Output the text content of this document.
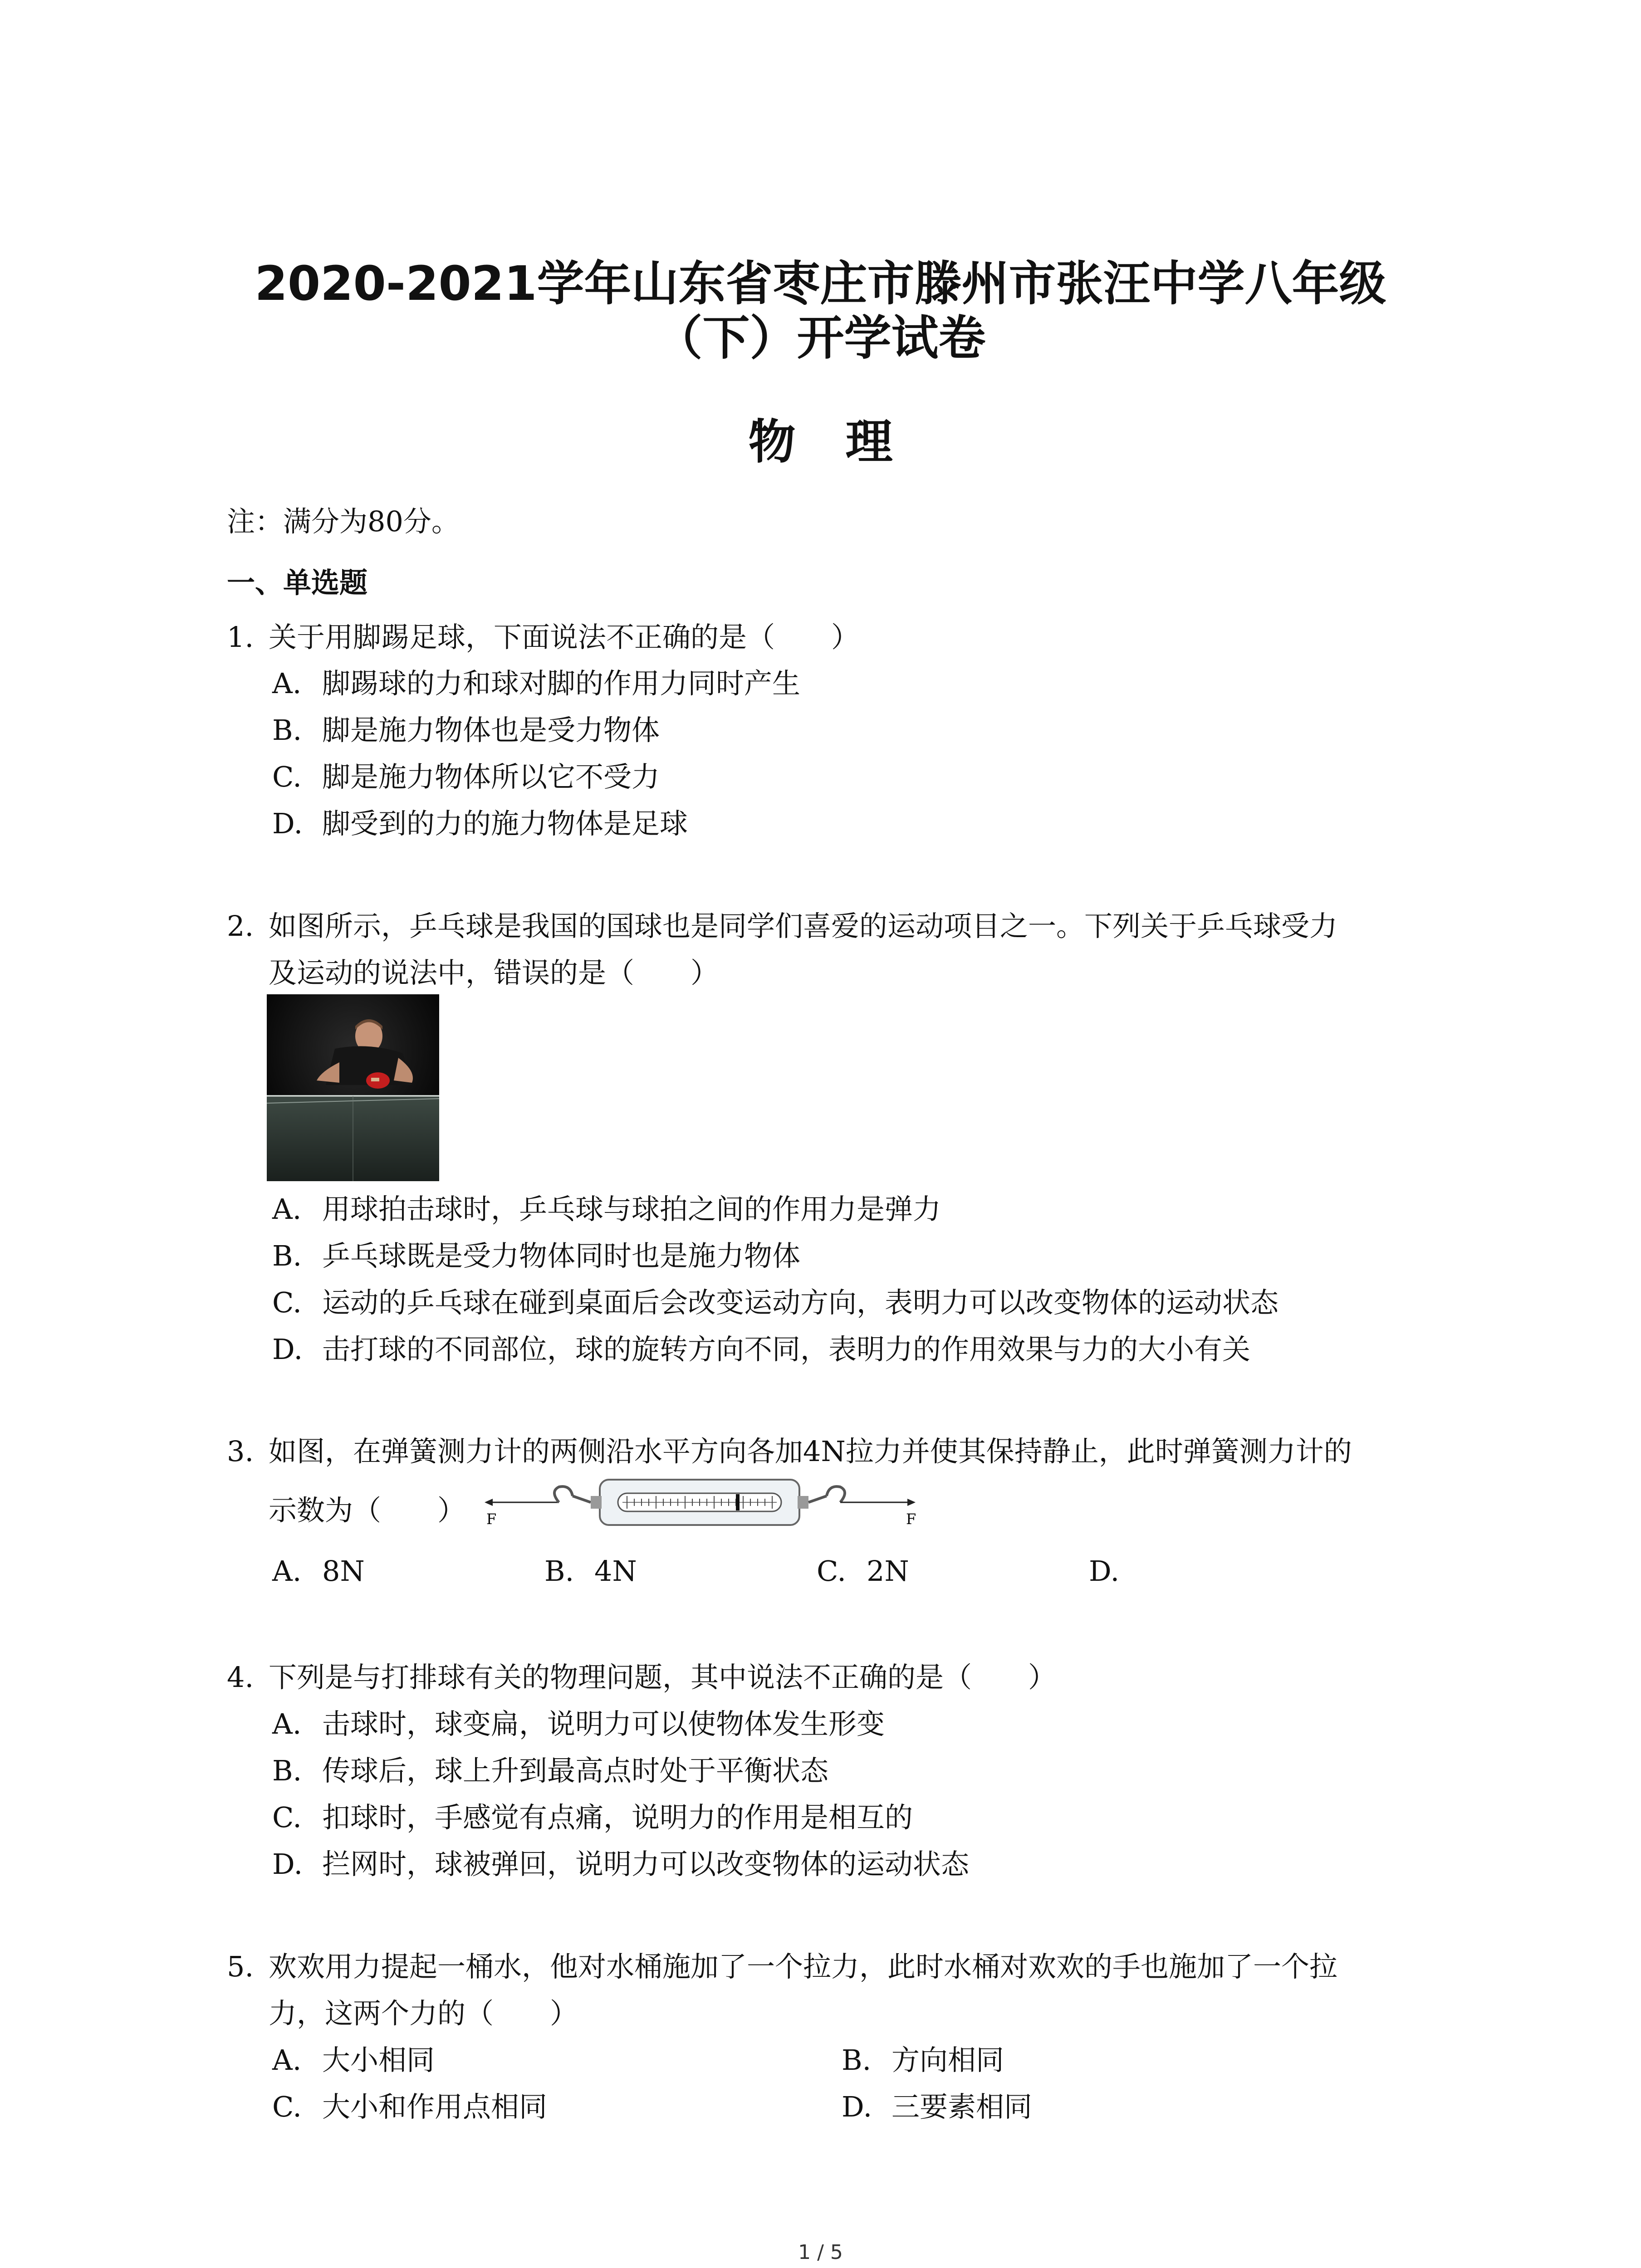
2020-2021学年山东省枣庄市滕州市张汪中学八年级
（下）开学试卷
物理
注：满分为80分。
一、单选题
1. 关于用脚踢足球，下面说法不正确的是（　　）
A. 脚踢球的力和球对脚的作用力同时产生
B. 脚是施力物体也是受力物体
C. 脚是施力物体所以它不受力
D. 脚受到的力的施力物体是足球
2. 如图所示，乒乓球是我国的国球也是同学们喜爱的运动项目之一。下列关于乒乓球受力
及运动的说法中，错误的是（　　）
A. 用球拍击球时，乒乓球与球拍之间的作用力是弹力
B. 乒乓球既是受力物体同时也是施力物体
C. 运动的乒乓球在碰到桌面后会改变运动方向，表明力可以改变物体的运动状态
D. 击打球的不同部位，球的旋转方向不同，表明力的作用效果与力的大小有关
3. 如图，在弹簧测力计的两侧沿水平方向各加4N拉力并使其保持静止，此时弹簧测力计的
示数为（　　） F	F
A. 8N	B. 4N	C. 2N	D.
4. 下列是与打排球有关的物理问题，其中说法不正确的是（　　）
A. 击球时，球变扁，说明力可以使物体发生形变
B. 传球后，球上升到最高点时处于平衡状态
C. 扣球时，手感觉有点痛，说明力的作用是相互的
D. 拦网时，球被弹回，说明力可以改变物体的运动状态
5. 欢欢用力提起一桶水，他对水桶施加了一个拉力，此时水桶对欢欢的手也施加了一个拉
力，这两个力的（　　）
A. 大小相同	B. 方向相同
C. 大小和作用点相同	D. 三要素相同
1 / 5
